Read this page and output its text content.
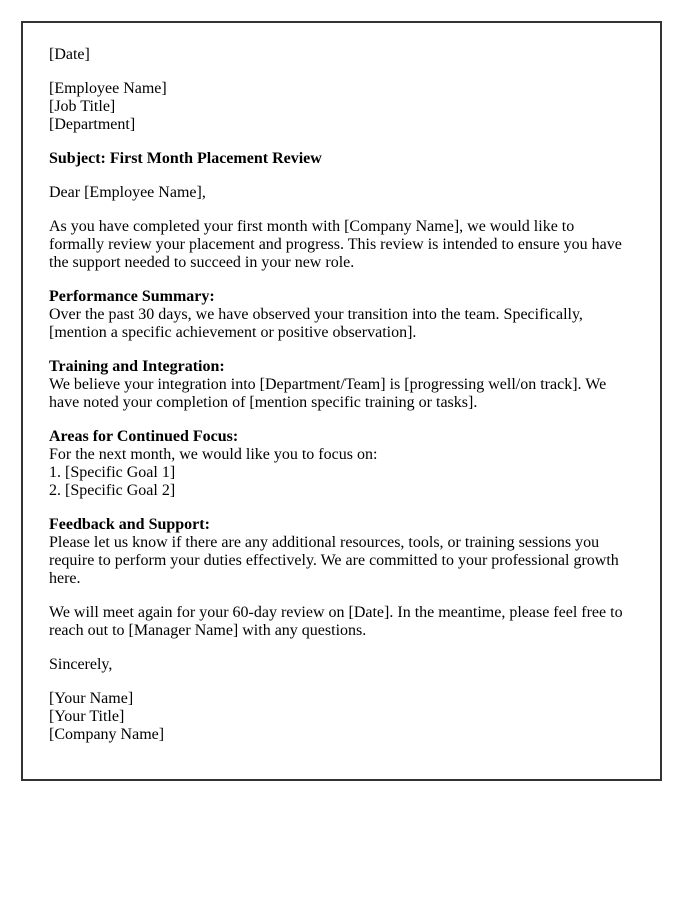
[Date]

[Employee Name]
[Job Title]
[Department]

Subject: First Month Placement Review

Dear [Employee Name],

As you have completed your first month with [Company Name], we would like to
formally review your placement and progress. This review is intended to ensure you have
the support needed to succeed in your new role.

Performance Summary:
Over the past 30 days, we have observed your transition into the team. Specifically,
[mention a specific achievement or positive observation].

Training and Integration:
We believe your integration into [Department/Team] is [progressing well/on track]. We
have noted your completion of [mention specific training or tasks].

Areas for Continued Focus:
For the next month, we would like you to focus on:
1. [Specific Goal 1]
2. [Specific Goal 2]

Feedback and Support:
Please let us know if there are any additional resources, tools, or training sessions you
require to perform your duties effectively. We are committed to your professional growth
here.

We will meet again for your 60-day review on [Date]. In the meantime, please feel free to
reach out to [Manager Name] with any questions.

Sincerely,

[Your Name]
[Your Title]
[Company Name]
